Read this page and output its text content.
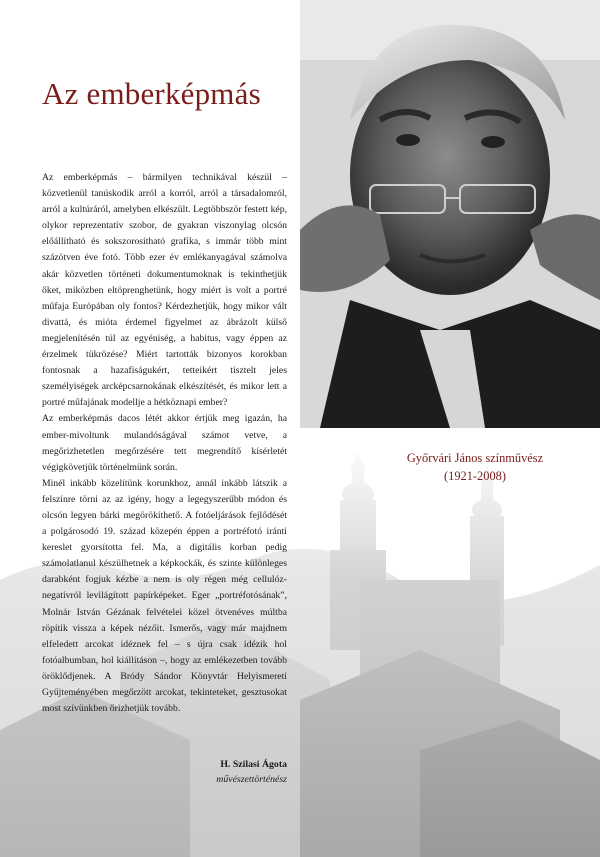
Az emberképmás

Az emberképmás – bármilyen technikával készül – közvetlenül tanúskodik arról a korról, arról a társadalomról, arról a kultúráról, amelyben elkészült. Legtöbbször festett kép, olykor reprezentatív szobor, de gyakran viszonylag olcsón előállítható és sokszorosítható grafika, s immár több mint százötven éve fotó. Több ezer év emlékanyagával számolva akár közvetlen történeti dokumentumoknak is tekinthetjük őket, miközben eltöprenghetünk, hogy miért is volt a portré műfaja Európában oly fontos? Kérdezhetjük, hogy mikor vált divattá, és mióta érdemel figyelmet az ábrázolt külső megjelenítésén túl az egyéniség, a habitus, vagy éppen az érzelmek tükrözése? Miért tartották bizonyos korokban fontosnak a hazafiságukért, tetteikért tisztelt jeles személyiségek arcképcsarnokának elkészítését, és mikor lett a portré műfajának modellje a hétköznapi ember?

Az emberképmás dacos létét akkor értjük meg igazán, ha ember-mivoltunk mulandóságával számot vetve, a megőrizhetetlen megőrzésére tett megrendítő kísérletét végigkövetjük történelmünk során.

Minél inkább közelítünk korunkhoz, annál inkább látszik a felszínre törni az az igény, hogy a legegyszerűbb módon és olcsón legyen bárki megörökíthető. A fotóeljárások fejlődését a polgárosodó 19. század közepén éppen a portréfotó iránti kereslet gyorsította fel. Ma, a digitális korban pedig számolatlanul készülhetnek a képkockák, és szinte különleges darabként fogjuk kézbe a nem is oly régen még cellulóz-negatívról levilágított papírképeket. Eger „portréfotósának”, Molnár István Gézának felvételei közel ötvenéves múltba röpítik vissza a képek nézőit. Ismerős, vagy már majdnem elfeledett arcokat idéznek fel – s újra csak idézik hol fotóalbumban, hol kiállításon –, hogy az emlékezetben tovább öröklődjenek. A Bródy Sándor Könyvtár Helyismereti Gyűjteményében megőrzött arcokat, tekinteteket, gesztusokat most szívünkben őrizhetjük tovább.

Győrvári János színművész
(1921-2008)
H. Szilasi Ágota
művészettörténész
